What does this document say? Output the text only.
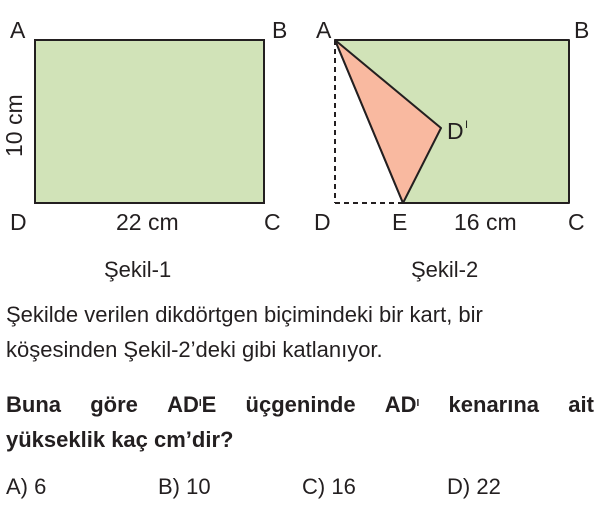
A	B
D	C
10 cm
22 cm
Şekil-1
A	B
D	E	C
D I
16 cm
Şekil-2
Şekilde verilen dikdörtgen biçimindeki bir kart, bir
köşesinden Şekil-2’deki gibi katlanıyor.
Buna göre $AD^IE$ üçgeninde $AD^I$ kenarına ait
yükseklik kaç cm’dir?
A) 6	B) 10	C) 16	D) 22
